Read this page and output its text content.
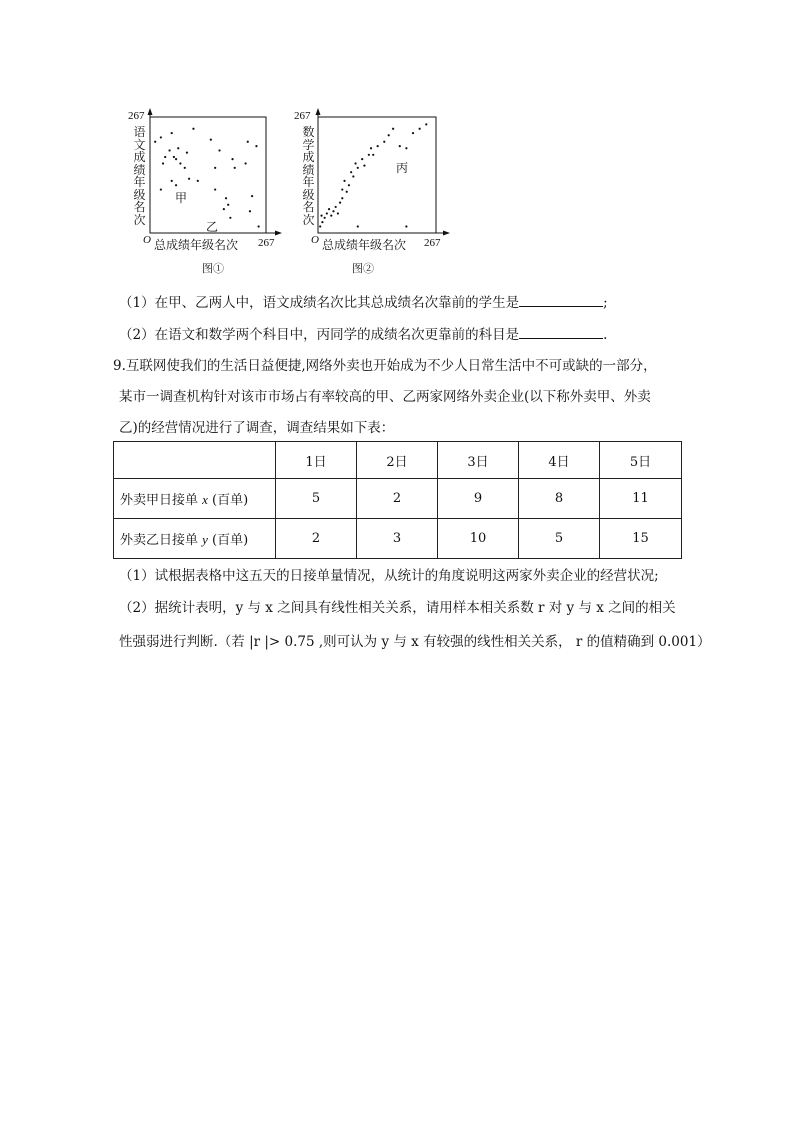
267
语
文
成
绩
年
级
名
次
甲
乙
O 总成绩年级名次 267
图①
267
数
学
成
绩
年
级
名
次
丙
O 总成绩年级名次 267
图②
（1）在甲、乙两人中，语文成绩名次比其总成绩名次靠前的学生是	;
（2）在语文和数学两个科目中，丙同学的成绩名次更靠前的科目是	.
9.互联网使我们的生活日益便捷,网络外卖也开始成为不少人日常生活中不可或缺的一部分，
某市一调查机构针对该市市场占有率较高的甲、乙两家网络外卖企业(以下称外卖甲、外卖
乙)的经营情况进行了调查，调查结果如下表：
	1日	2日	3日	4日	5日
外卖甲日接单 x (百单)	5	2	9	8	11
外卖乙日接单 y (百单)	2	3	10	5	15
（1）试根据表格中这五天的日接单量情况，从统计的角度说明这两家外卖企业的经营状况;
（2）据统计表明，y 与 x 之间具有线性相关关系，请用样本相关系数 r 对 y 与 x 之间的相关
性强弱进行判断.（若 |r |> 0.75 ,则可认为 y 与 x 有较强的线性相关关系， r 的值精确到 0.001）
